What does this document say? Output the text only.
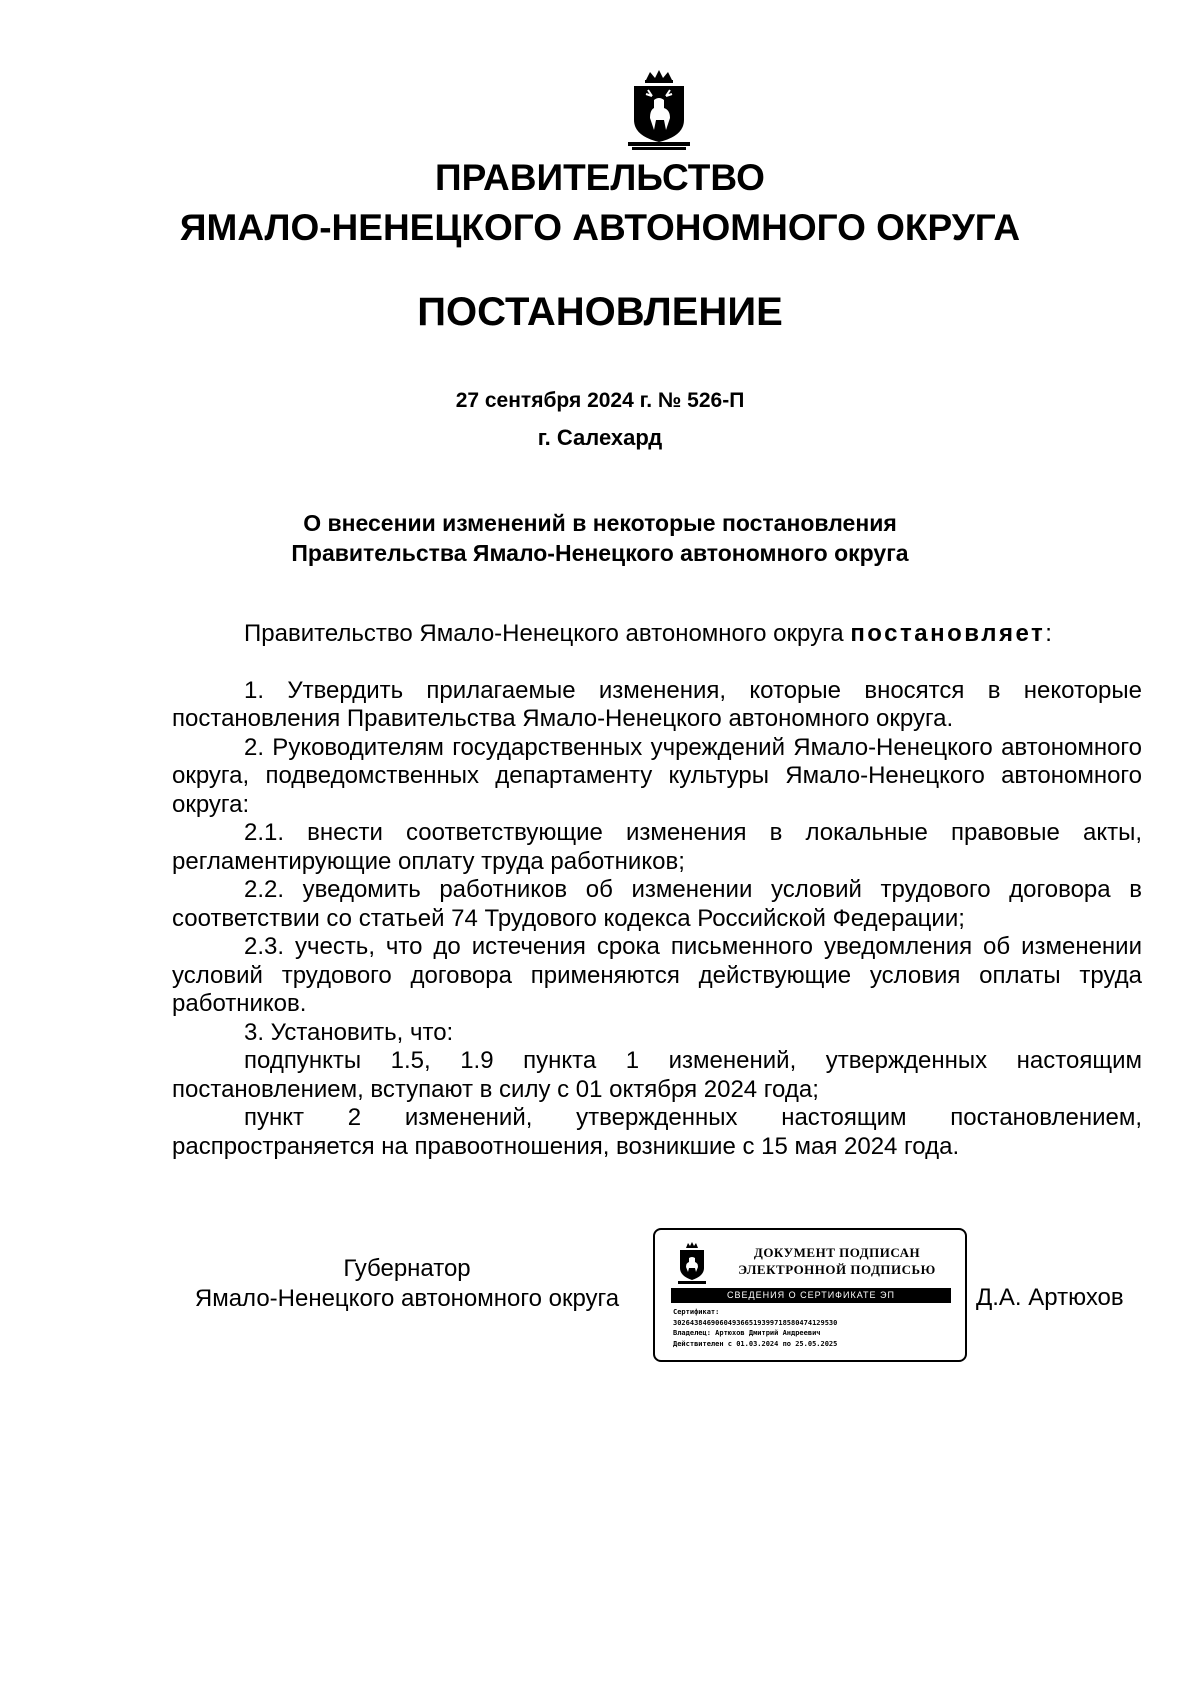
ПРАВИТЕЛЬСТВО
ЯМАЛО-НЕНЕЦКОГО АВТОНОМНОГО ОКРУГА
ПОСТАНОВЛЕНИЕ
27 сентября 2024 г. № 526-П
г. Салехард
О внесении изменений в некоторые постановления
Правительства Ямало-Ненецкого автономного округа

Правительство Ямало-Ненецкого автономного округа постановляет:

1. Утвердить прилагаемые изменения, которые вносятся в некоторые постановления Правительства Ямало-Ненецкого автономного округа.

2. Руководителям государственных учреждений Ямало-Ненецкого автономного округа, подведомственных департаменту культуры Ямало-Ненецкого автономного округа:

2.1. внести соответствующие изменения в локальные правовые акты, регламентирующие оплату труда работников;

2.2. уведомить работников об изменении условий трудового договора в соответствии со статьей 74 Трудового кодекса Российской Федерации;

2.3. учесть, что до истечения срока письменного уведомления об изменении условий трудового договора применяются действующие условия оплаты труда работников.

3. Установить, что:

подпункты 1.5, 1.9 пункта 1 изменений, утвержденных настоящим постановлением, вступают в силу с 01 октября 2024 года;

пункт 2 изменений, утвержденных настоящим постановлением, распространяется на правоотношения, возникшие с 15 мая 2024 года.

Губернатор
Ямало-Ненецкого автономного округа
ДОКУМЕНТ ПОДПИСАН
ЭЛЕКТРОННОЙ ПОДПИСЬЮ
СВЕДЕНИЯ О СЕРТИФИКАТЕ ЭП
Сертификат:
302643846906049366519399718580474129530
Владелец: Артюхов Дмитрий Андреевич
Действителен с 01.03.2024 по 25.05.2025
Д.А. Артюхов
